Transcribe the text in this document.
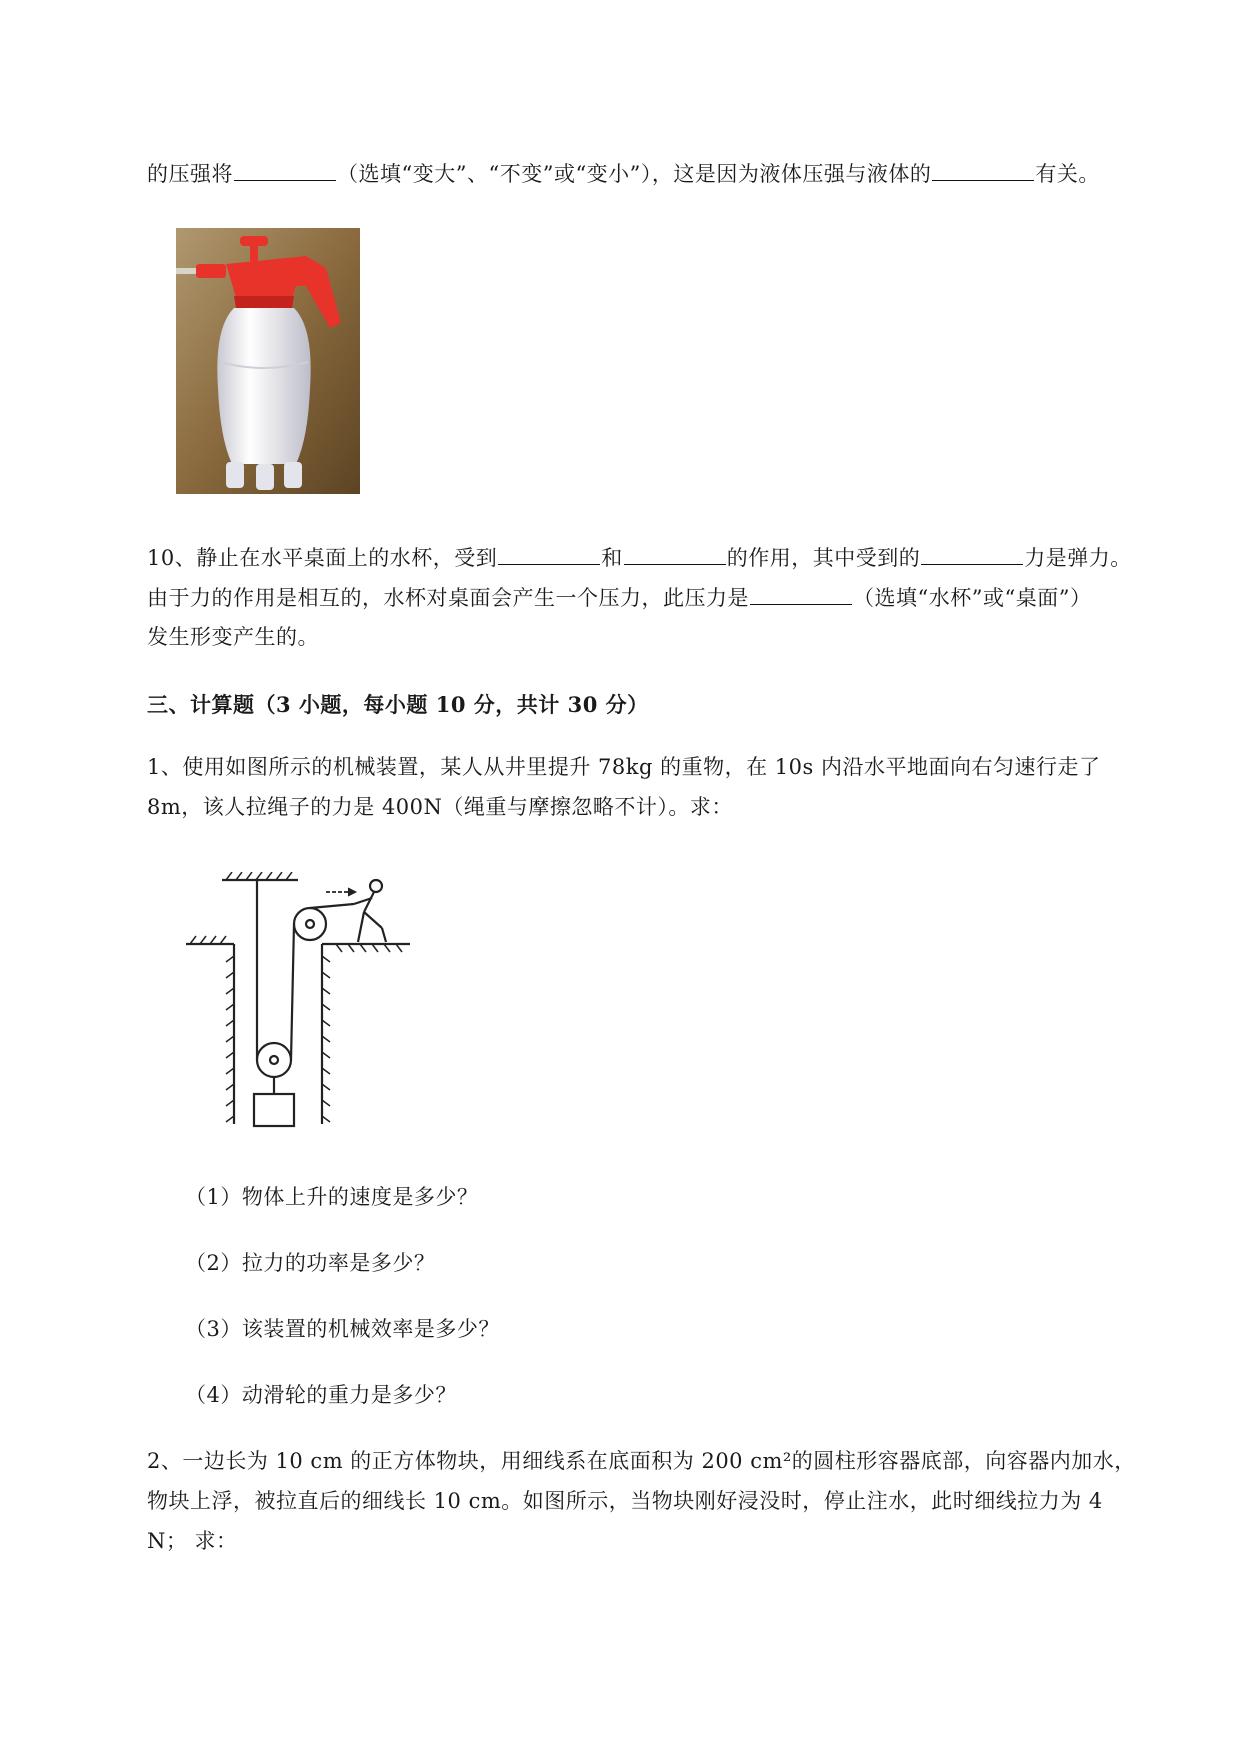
的压强将	（选填“变大”、“不变”或“变小”），这是因为液体压强与液体的	有关。
10、静止在水平桌面上的水杯，受到	和	的作用，其中受到的	力是弹力。
由于力的作用是相互的，水杯对桌面会产生一个压力，此压力是	（选填“水杯”或“桌面”）
发生形变产生的。
三、计算题（3 小题，每小题 10 分，共计 30 分）
1、使用如图所示的机械装置，某人从井里提升 78kg 的重物，在 10s 内沿水平地面向右匀速行走了
8m，该人拉绳子的力是 400N（绳重与摩擦忽略不计）。求：
（1）物体上升的速度是多少？
（2）拉力的功率是多少？
（3）该装置的机械效率是多少？
（4）动滑轮的重力是多少？
2、一边长为 10 cm 的正方体物块，用细线系在底面积为 200 cm²的圆柱形容器底部，向容器内加水，
物块上浮，被拉直后的细线长 10 cm。如图所示，当物块刚好浸没时，停止注水，此时细线拉力为 4
N； 求：
